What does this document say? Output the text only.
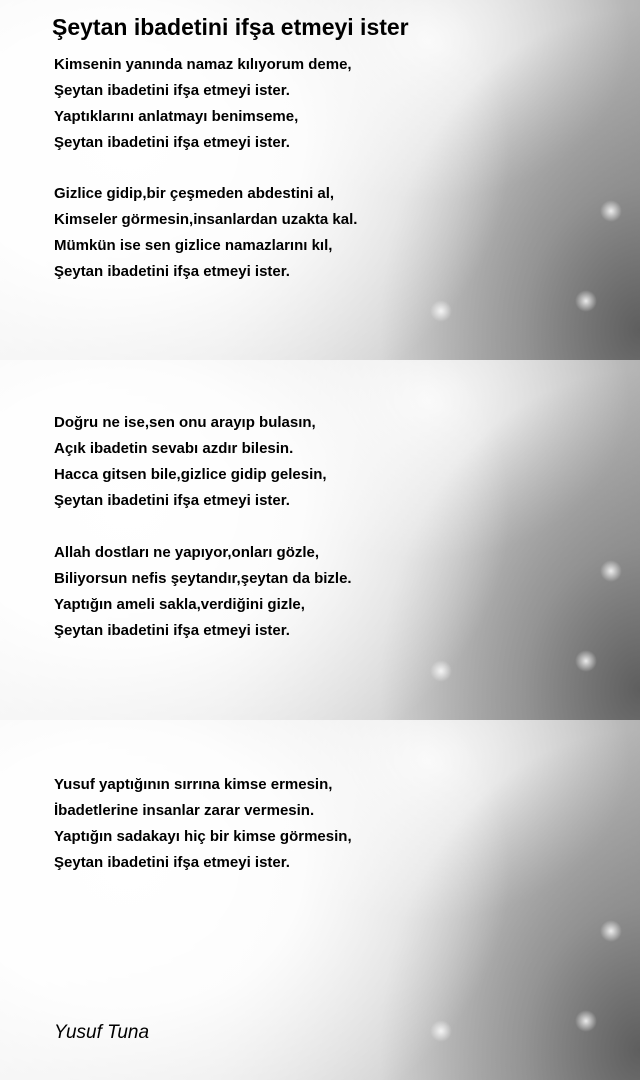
Şeytan ibadetini ifşa etmeyi ister
Kimsenin yanında namaz kılıyorum deme,
Şeytan ibadetini ifşa etmeyi ister.
Yaptıklarını anlatmayı benimseme,
Şeytan ibadetini ifşa etmeyi ister.
Gizlice gidip,bir çeşmeden abdestini al,
Kimseler görmesin,insanlardan uzakta kal.
Mümkün ise sen gizlice namazlarını kıl,
Şeytan ibadetini ifşa etmeyi ister.
Doğru ne ise,sen onu arayıp bulasın,
Açık ibadetin sevabı azdır bilesin.
Hacca gitsen bile,gizlice gidip gelesin,
Şeytan ibadetini ifşa etmeyi ister.
Allah dostları ne yapıyor,onları gözle,
Biliyorsun nefis şeytandır,şeytan da bizle.
Yaptığın ameli sakla,verdiğini gizle,
Şeytan ibadetini ifşa etmeyi ister.
Yusuf yaptığının sırrına kimse ermesin,
İbadetlerine insanlar zarar vermesin.
Yaptığın sadakayı hiç bir kimse görmesin,
Şeytan ibadetini ifşa etmeyi ister.
Yusuf Tuna
